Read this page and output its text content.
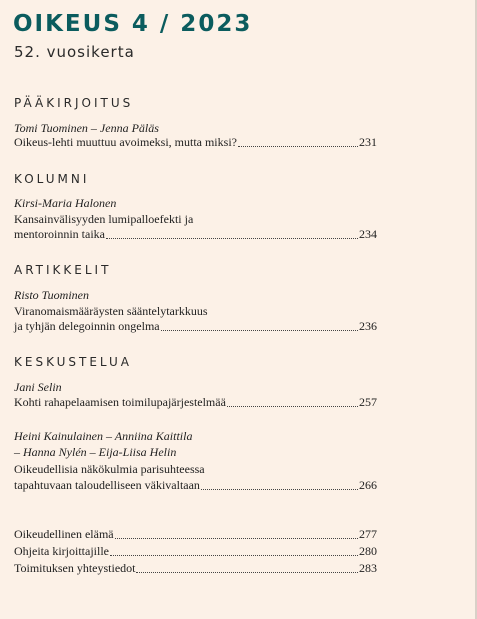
OIKEUS 4 / 2023
52. vuosikerta
PÄÄKIRJOITUS
Tomi Tuominen – Jenna Päläs
Oikeus-lehti muuttuu avoimeksi, mutta miksi?	231
KOLUMNI
Kirsi-Maria Halonen
Kansainvälisyyden lumipalloefekti ja
mentoroinnin taika	234
ARTIKKELIT
Risto Tuominen
Viranomaismääräysten sääntelytarkkuus
ja tyhjän delegoinnin ongelma	236
KESKUSTELUA
Jani Selin
Kohti rahapelaamisen toimilupajärjestelmää	257
Heini Kainulainen – Anniina Kaittila
– Hanna Nylén – Eija-Liisa Helin
Oikeudellisia näkökulmia parisuhteessa
tapahtuvaan taloudelliseen väkivaltaan	266
Oikeudellinen elämä	277
Ohjeita kirjoittajille	280
Toimituksen yhteystiedot	283
